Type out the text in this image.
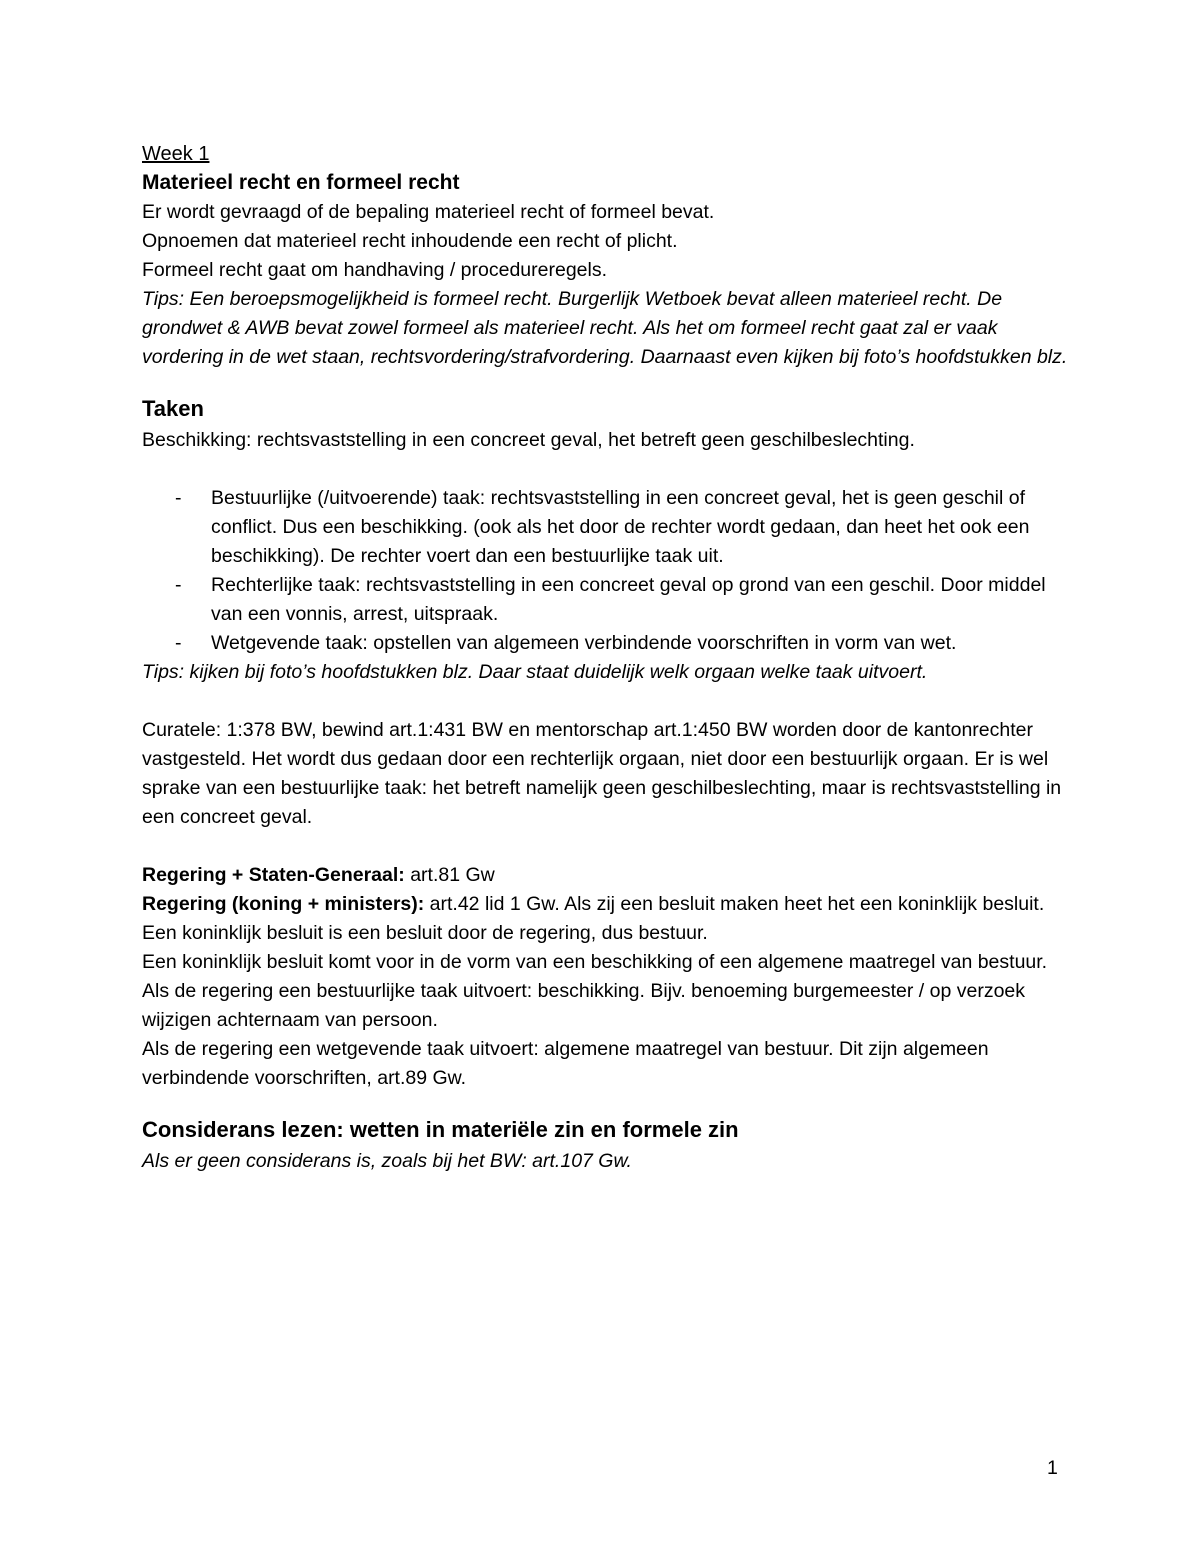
Week 1

Materieel recht en formeel recht

Er wordt gevraagd of de bepaling materieel recht of formeel bevat.

Opnoemen dat materieel recht inhoudende een recht of plicht.

Formeel recht gaat om handhaving / procedureregels.

Tips: Een beroepsmogelijkheid is formeel recht. Burgerlijk Wetboek bevat alleen materieel recht. De grondwet & AWB bevat zowel formeel als materieel recht. Als het om formeel recht gaat zal er vaak vordering in de wet staan, rechtsvordering/strafvordering. Daarnaast even kijken bij foto’s hoofdstukken blz.

Taken

Beschikking: rechtsvaststelling in een concreet geval, het betreft geen geschilbeslechting.

- Bestuurlijke (/uitvoerende) taak: rechtsvaststelling in een concreet geval, het is geen geschil of conflict. Dus een beschikking. (ook als het door de rechter wordt gedaan, dan heet het ook een beschikking). De rechter voert dan een bestuurlijke taak uit.
- Rechterlijke taak: rechtsvaststelling in een concreet geval op grond van een geschil. Door middel van een vonnis, arrest, uitspraak.
- Wetgevende taak: opstellen van algemeen verbindende voorschriften in vorm van wet.

Tips: kijken bij foto’s hoofdstukken blz. Daar staat duidelijk welk orgaan welke taak uitvoert.

Curatele: 1:378 BW, bewind art.1:431 BW en mentorschap art.1:450 BW worden door de kantonrechter vastgesteld. Het wordt dus gedaan door een rechterlijk orgaan, niet door een bestuurlijk orgaan. Er is wel sprake van een bestuurlijke taak: het betreft namelijk geen geschilbeslechting, maar is rechtsvaststelling in een concreet geval.

Regering + Staten-Generaal: art.81 Gw

Regering (koning + ministers): art.42 lid 1 Gw. Als zij een besluit maken heet het een koninklijk besluit. Een koninklijk besluit is een besluit door de regering, dus bestuur.

Een koninklijk besluit komt voor in de vorm van een beschikking of een algemene maatregel van bestuur.

Als de regering een bestuurlijke taak uitvoert: beschikking. Bijv. benoeming burgemeester / op verzoek wijzigen achternaam van persoon.

Als de regering een wetgevende taak uitvoert: algemene maatregel van bestuur. Dit zijn algemeen verbindende voorschriften, art.89 Gw.

Considerans lezen: wetten in materiële zin en formele zin

Als er geen considerans is, zoals bij het BW: art.107 Gw.

1
